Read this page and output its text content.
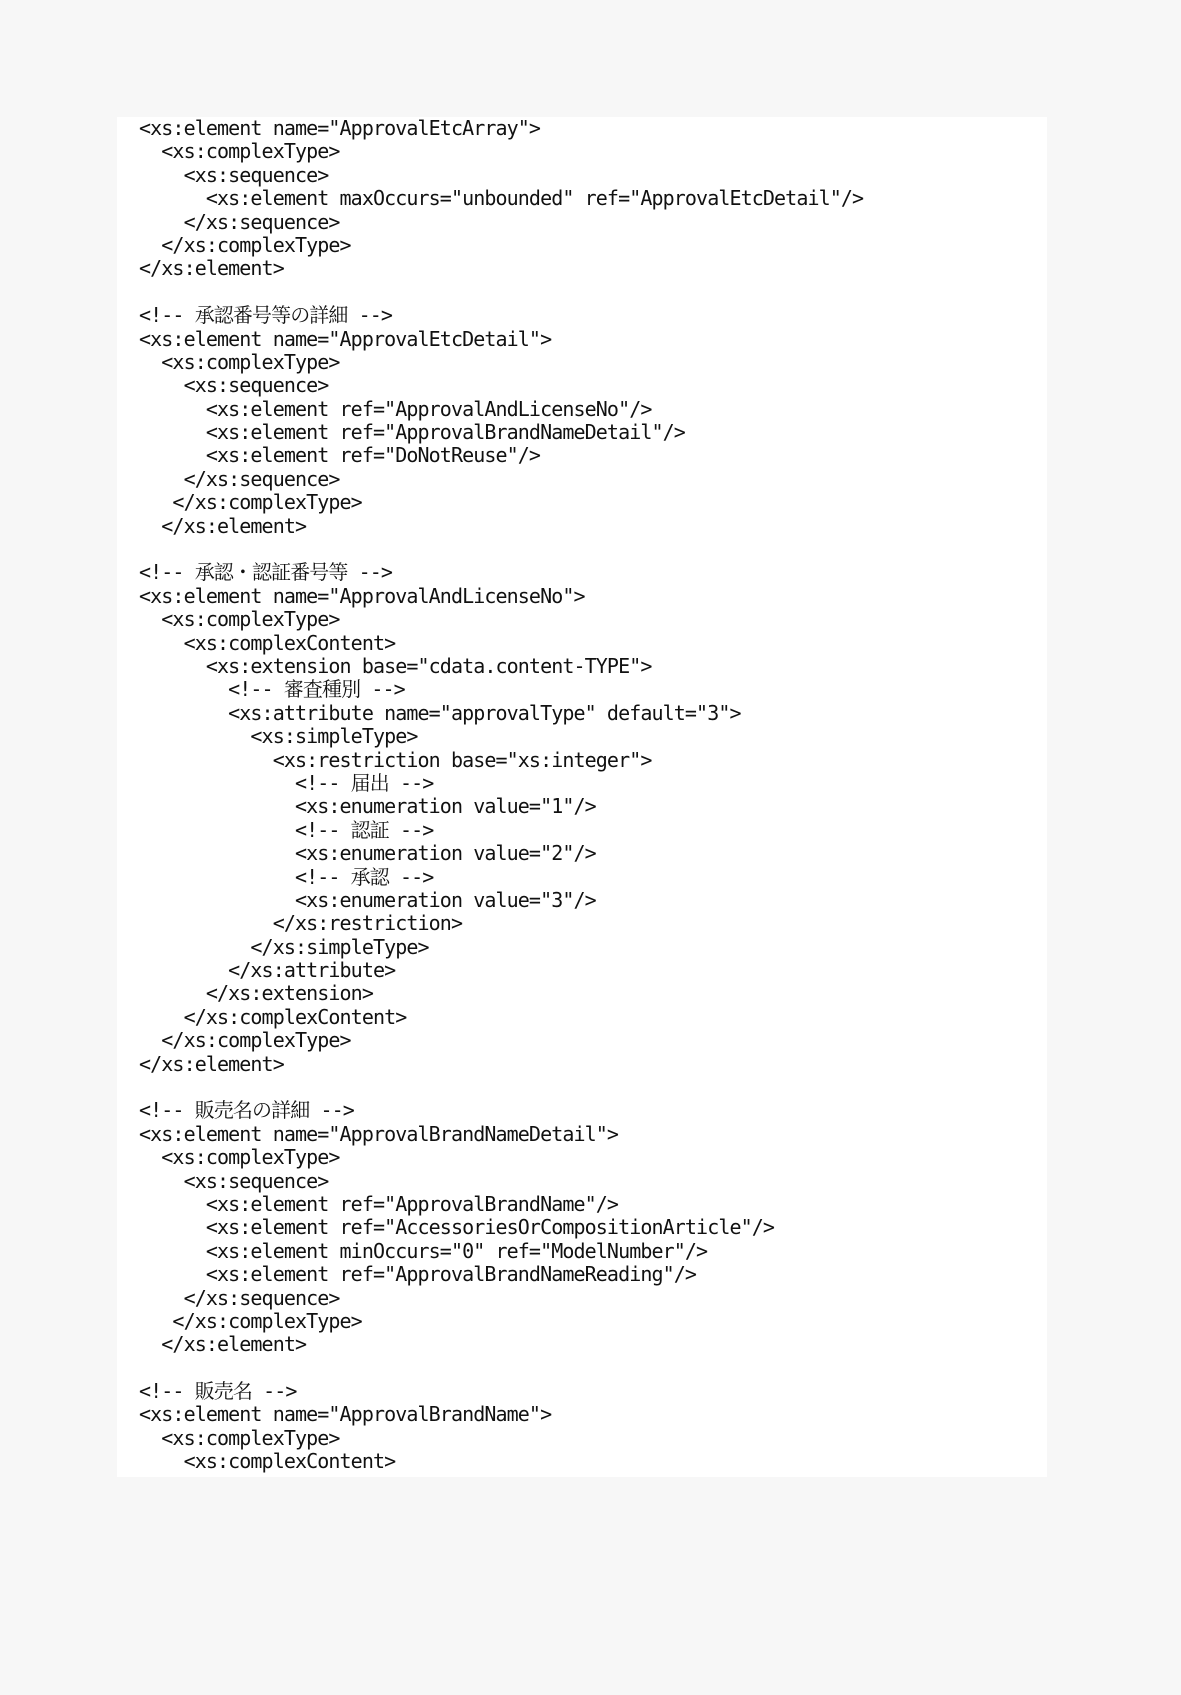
<xs:element name="ApprovalEtcArray">
<xs:complexType>
<xs:sequence>
<xs:element maxOccurs="unbounded" ref="ApprovalEtcDetail"/>
</xs:sequence>
</xs:complexType>
</xs:element>
<!-- 承認番号等の詳細 -->
<xs:element name="ApprovalEtcDetail">
<xs:complexType>
<xs:sequence>
<xs:element ref="ApprovalAndLicenseNo"/>
<xs:element ref="ApprovalBrandNameDetail"/>
<xs:element ref="DoNotReuse"/>
</xs:sequence>
</xs:complexType>
</xs:element>
<!-- 承認・認証番号等 -->
<xs:element name="ApprovalAndLicenseNo">
<xs:complexType>
<xs:complexContent>
<xs:extension base="cdata.content-TYPE">
<!-- 審査種別 -->
<xs:attribute name="approvalType" default="3">
<xs:simpleType>
<xs:restriction base="xs:integer">
<!-- 届出 -->
<xs:enumeration value="1"/>
<!-- 認証 -->
<xs:enumeration value="2"/>
<!-- 承認 -->
<xs:enumeration value="3"/>
</xs:restriction>
</xs:simpleType>
</xs:attribute>
</xs:extension>
</xs:complexContent>
</xs:complexType>
</xs:element>
<!-- 販売名の詳細 -->
<xs:element name="ApprovalBrandNameDetail">
<xs:complexType>
<xs:sequence>
<xs:element ref="ApprovalBrandName"/>
<xs:element ref="AccessoriesOrCompositionArticle"/>
<xs:element minOccurs="0" ref="ModelNumber"/>
<xs:element ref="ApprovalBrandNameReading"/>
</xs:sequence>
</xs:complexType>
</xs:element>
<!-- 販売名 -->
<xs:element name="ApprovalBrandName">
<xs:complexType>
<xs:complexContent>
